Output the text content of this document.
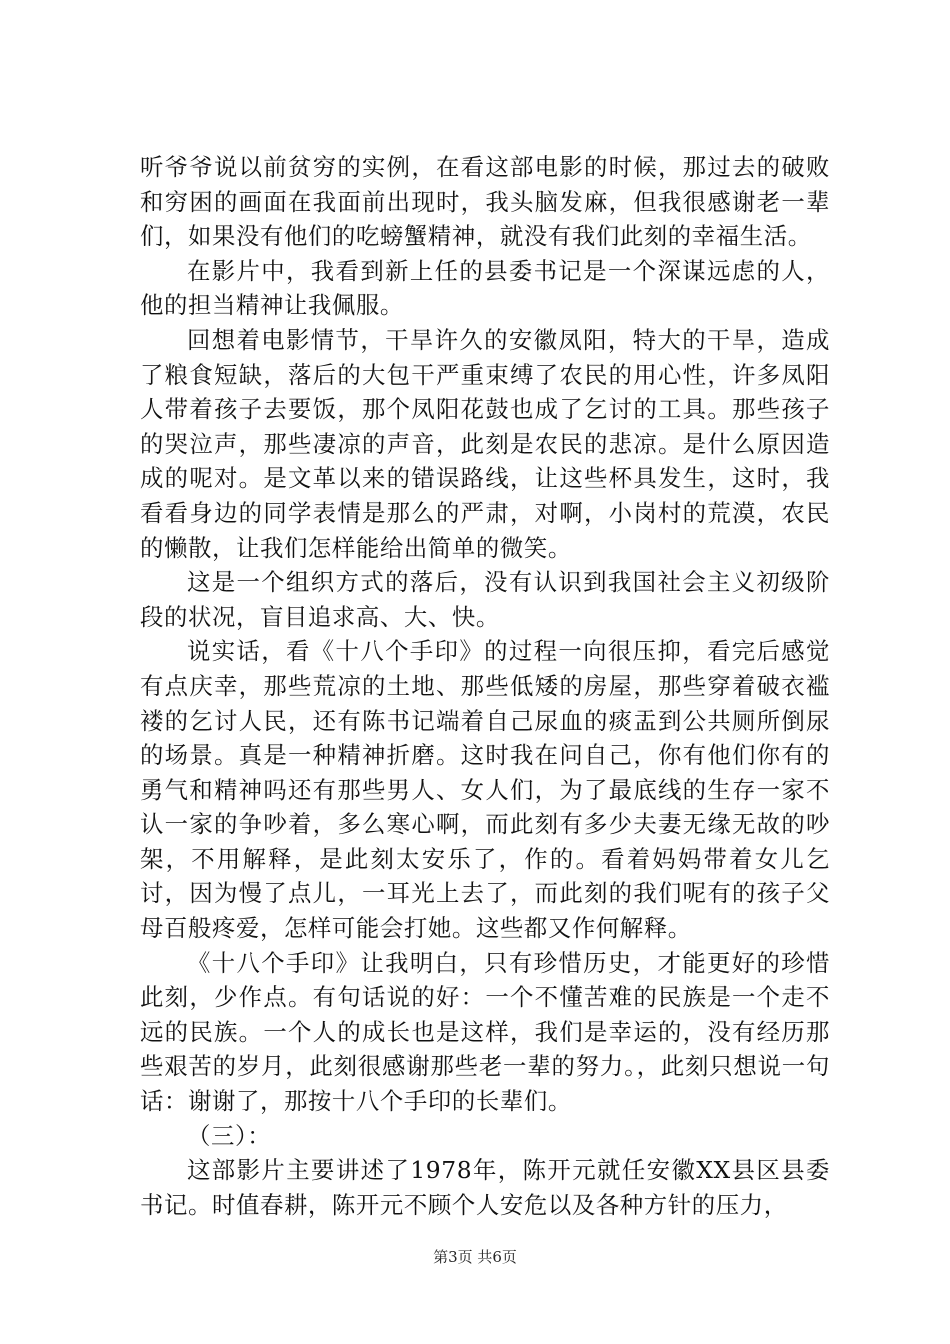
听爷爷说以前贫穷的实例，在看这部电影的时候，那过去的破败和穷困的画面在我面前出现时，我头脑发麻，但我很感谢老一辈们，如果没有他们的吃螃蟹精神，就没有我们此刻的幸福生活。

在影片中，我看到新上任的县委书记是一个深谋远虑的人，他的担当精神让我佩服。

回想着电影情节，干旱许久的安徽凤阳，特大的干旱，造成了粮食短缺，落后的大包干严重束缚了农民的用心性，许多凤阳人带着孩子去要饭，那个凤阳花鼓也成了乞讨的工具。那些孩子的哭泣声，那些凄凉的声音，此刻是农民的悲凉。是什么原因造成的呢对。是文革以来的错误路线，让这些杯具发生，这时，我看看身边的同学表情是那么的严肃，对啊，小岗村的荒漠，农民的懒散，让我们怎样能给出简单的微笑。

这是一个组织方式的落后，没有认识到我国社会主义初级阶段的状况，盲目追求高、大、快。

说实话，看《十八个手印》的过程一向很压抑，看完后感觉有点庆幸，那些荒凉的土地、那些低矮的房屋，那些穿着破衣褴褛的乞讨人民，还有陈书记端着自己尿血的痰盂到公共厕所倒尿的场景。真是一种精神折磨。这时我在问自己，你有他们你有的勇气和精神吗还有那些男人、女人们，为了最底线的生存一家不认一家的争吵着，多么寒心啊，而此刻有多少夫妻无缘无故的吵架，不用解释，是此刻太安乐了，作的。看着妈妈带着女儿乞讨，因为慢了点儿，一耳光上去了，而此刻的我们呢有的孩子父母百般疼爱，怎样可能会打她。这些都又作何解释。

《十八个手印》让我明白，只有珍惜历史，才能更好的珍惜此刻，少作点。有句话说的好：一个不懂苦难的民族是一个走不远的民族。一个人的成长也是这样，我们是幸运的，没有经历那些艰苦的岁月，此刻很感谢那些老一辈的努力。，此刻只想说一句话：谢谢了，那按十八个手印的长辈们。

（三）：

这部影片主要讲述了1978年，陈开元就任安徽XX县区县委书记。时值春耕，陈开元不顾个人安危以及各种方针的压力，

第3页 共6页
